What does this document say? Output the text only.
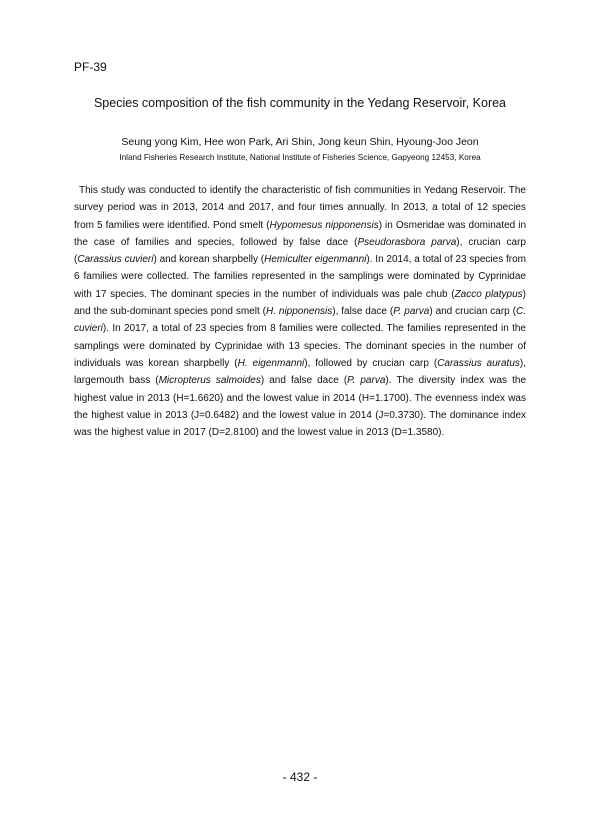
PF-39
Species composition of the fish community in the Yedang Reservoir, Korea
Seung yong Kim, Hee won Park, Ari Shin, Jong keun Shin, Hyoung-Joo Jeon
Inland Fisheries Research Institute, National Institute of Fisheries Science, Gapyeong 12453, Korea

This study was conducted to identify the characteristic of fish communities in Yedang Reservoir. The survey period was in 2013, 2014 and 2017, and four times annually. In 2013, a total of 12 species from 5 families were identified. Pond smelt (Hypomesus nipponensis) in Osmeridae was dominated in the case of families and species, followed by false dace (Pseudorasbora parva), crucian carp (Carassius cuvieri) and korean sharpbelly (Hemiculter eigenmanni). In 2014, a total of 23 species from 6 families were collected. The families represented in the samplings were dominated by Cyprinidae with 17 species. The dominant species in the number of individuals was pale chub (Zacco platypus) and the sub-dominant species pond smelt (H. nipponensis), false dace (P. parva) and crucian carp (C. cuvieri). In 2017, a total of 23 species from 8 families were collected. The families represented in the samplings were dominated by Cyprinidae with 13 species. The dominant species in the number of individuals was korean sharpbelly (H. eigenmanni), followed by crucian carp (Carassius auratus), largemouth bass (Micropterus salmoides) and false dace (P. parva). The diversity index was the highest value in 2013 (H=1.6620) and the lowest value in 2014 (H=1.1700). The evenness index was the highest value in 2013 (J=0.6482) and the lowest value in 2014 (J=0.3730). The dominance index was the highest value in 2017 (D=2.8100) and the lowest value in 2013 (D=1.3580).

- 432 -
